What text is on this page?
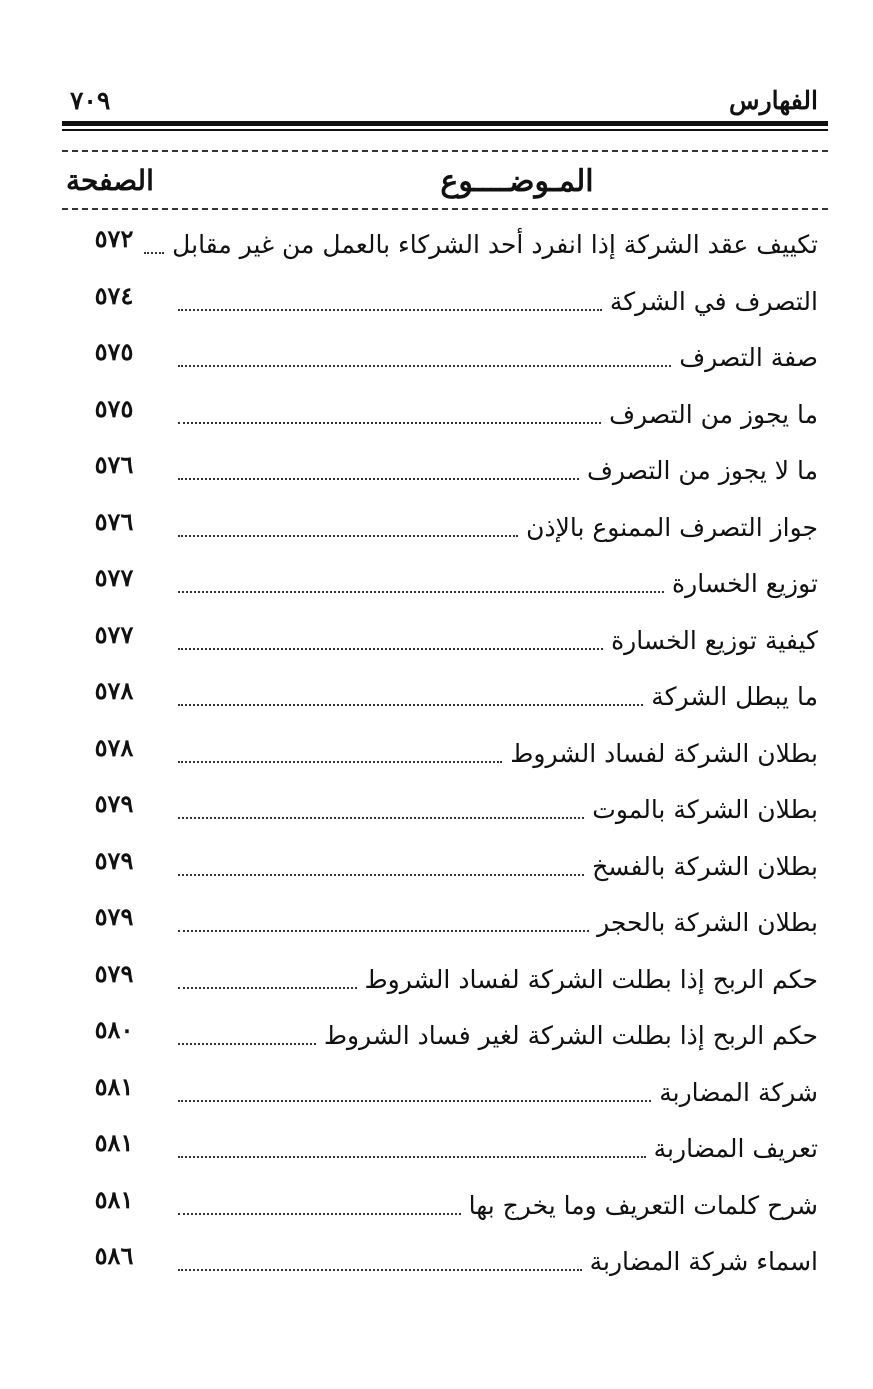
الفهارس
٧٠٩
المـوضــــوع
الصفحة
٥٧٢	تكييف عقد الشركة إذا انفرد أحد الشركاء بالعمل من غير مقابل
٥٧٤	التصرف في الشركة
٥٧٥	صفة التصرف
٥٧٥	ما يجوز من التصرف
٥٧٦	ما لا يجوز من التصرف
٥٧٦	جواز التصرف الممنوع بالإذن
٥٧٧	توزيع الخسارة
٥٧٧	كيفية توزيع الخسارة
٥٧٨	ما يبطل الشركة
٥٧٨	بطلان الشركة لفساد الشروط
٥٧٩	بطلان الشركة بالموت
٥٧٩	بطلان الشركة بالفسخ
٥٧٩	بطلان الشركة بالحجر
٥٧٩	حكم الربح إذا بطلت الشركة لفساد الشروط
٥٨٠	حكم الربح إذا بطلت الشركة لغير فساد الشروط
٥٨١	شركة المضاربة
٥٨١	تعريف المضاربة
٥٨١	شرح كلمات التعريف وما يخرج بها
٥٨٦	اسماء شركة المضاربة
